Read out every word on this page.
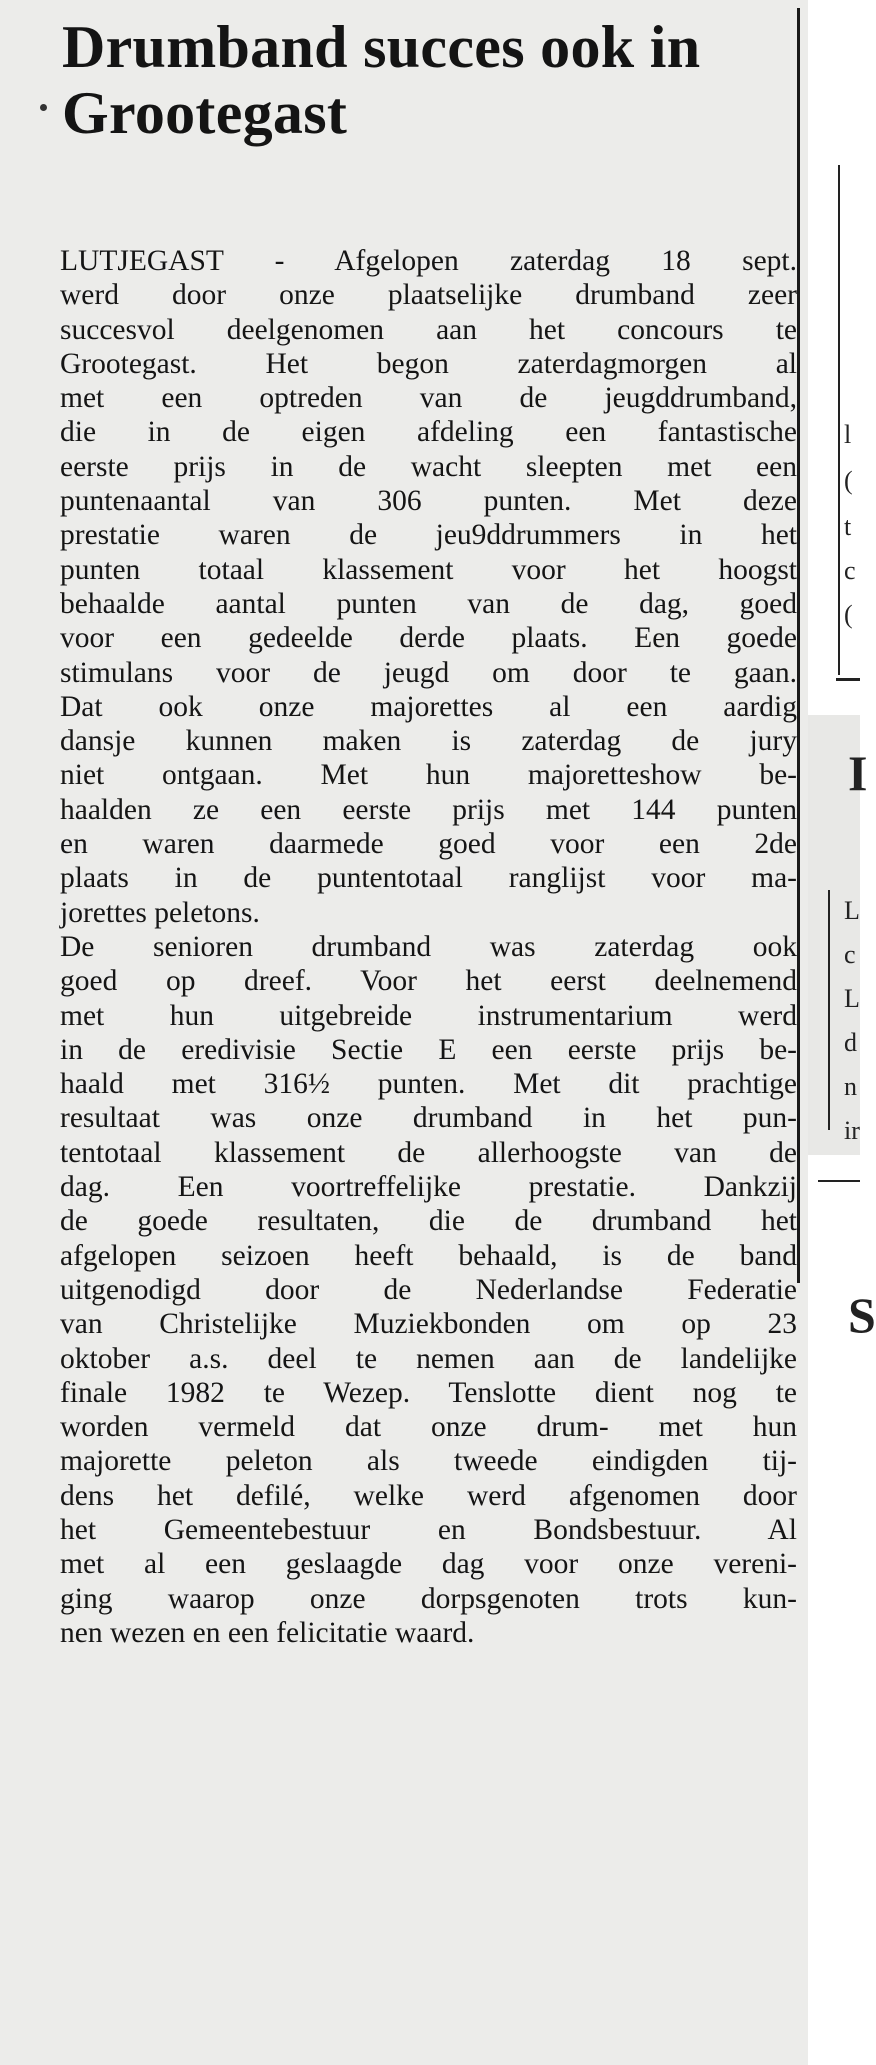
Drumband succes ook in
Grootegast
LUTJEGAST - Afgelopen zaterdag 18 sept.
werd door onze plaatselijke drumband zeer
succesvol deelgenomen aan het concours te
Grootegast. Het begon zaterdagmorgen al
met een optreden van de jeugddrumband,
die in de eigen afdeling een fantastische
eerste prijs in de wacht sleepten met een
puntenaantal van 306 punten. Met deze
prestatie waren de jeu9ddrummers in het
punten totaal klassement voor het hoogst
behaalde aantal punten van de dag, goed
voor een gedeelde derde plaats. Een goede
stimulans voor de jeugd om door te gaan.
Dat ook onze majorettes al een aardig
dansje kunnen maken is zaterdag de jury
niet ontgaan. Met hun majoretteshow be-
haalden ze een eerste prijs met 144 punten
en waren daarmede goed voor een 2de
plaats in de puntentotaal ranglijst voor ma-
jorettes peletons.
De senioren drumband was zaterdag ook
goed op dreef. Voor het eerst deelnemend
met hun uitgebreide instrumentarium werd
in de eredivisie Sectie E een eerste prijs be-
haald met 316½ punten. Met dit prachtige
resultaat was onze drumband in het pun-
tentotaal klassement de allerhoogste van de
dag. Een voortreffelijke prestatie. Dankzij
de goede resultaten, die de drumband het
afgelopen seizoen heeft behaald, is de band
uitgenodigd door de Nederlandse Federatie
van Christelijke Muziekbonden om op 23
oktober a.s. deel te nemen aan de landelijke
finale 1982 te Wezep. Tenslotte dient nog te
worden vermeld dat onze drum- met hun
majorette peleton als tweede eindigden tij-
dens het defilé, welke werd afgenomen door
het Gemeentebestuur en Bondsbestuur. Al
met al een geslaagde dag voor onze vereni-
ging waarop onze dorpsgenoten trots kun-
nen wezen en een felicitatie waard.
l
(
t
c
(
I
L
c
L
d
n
ir
S
